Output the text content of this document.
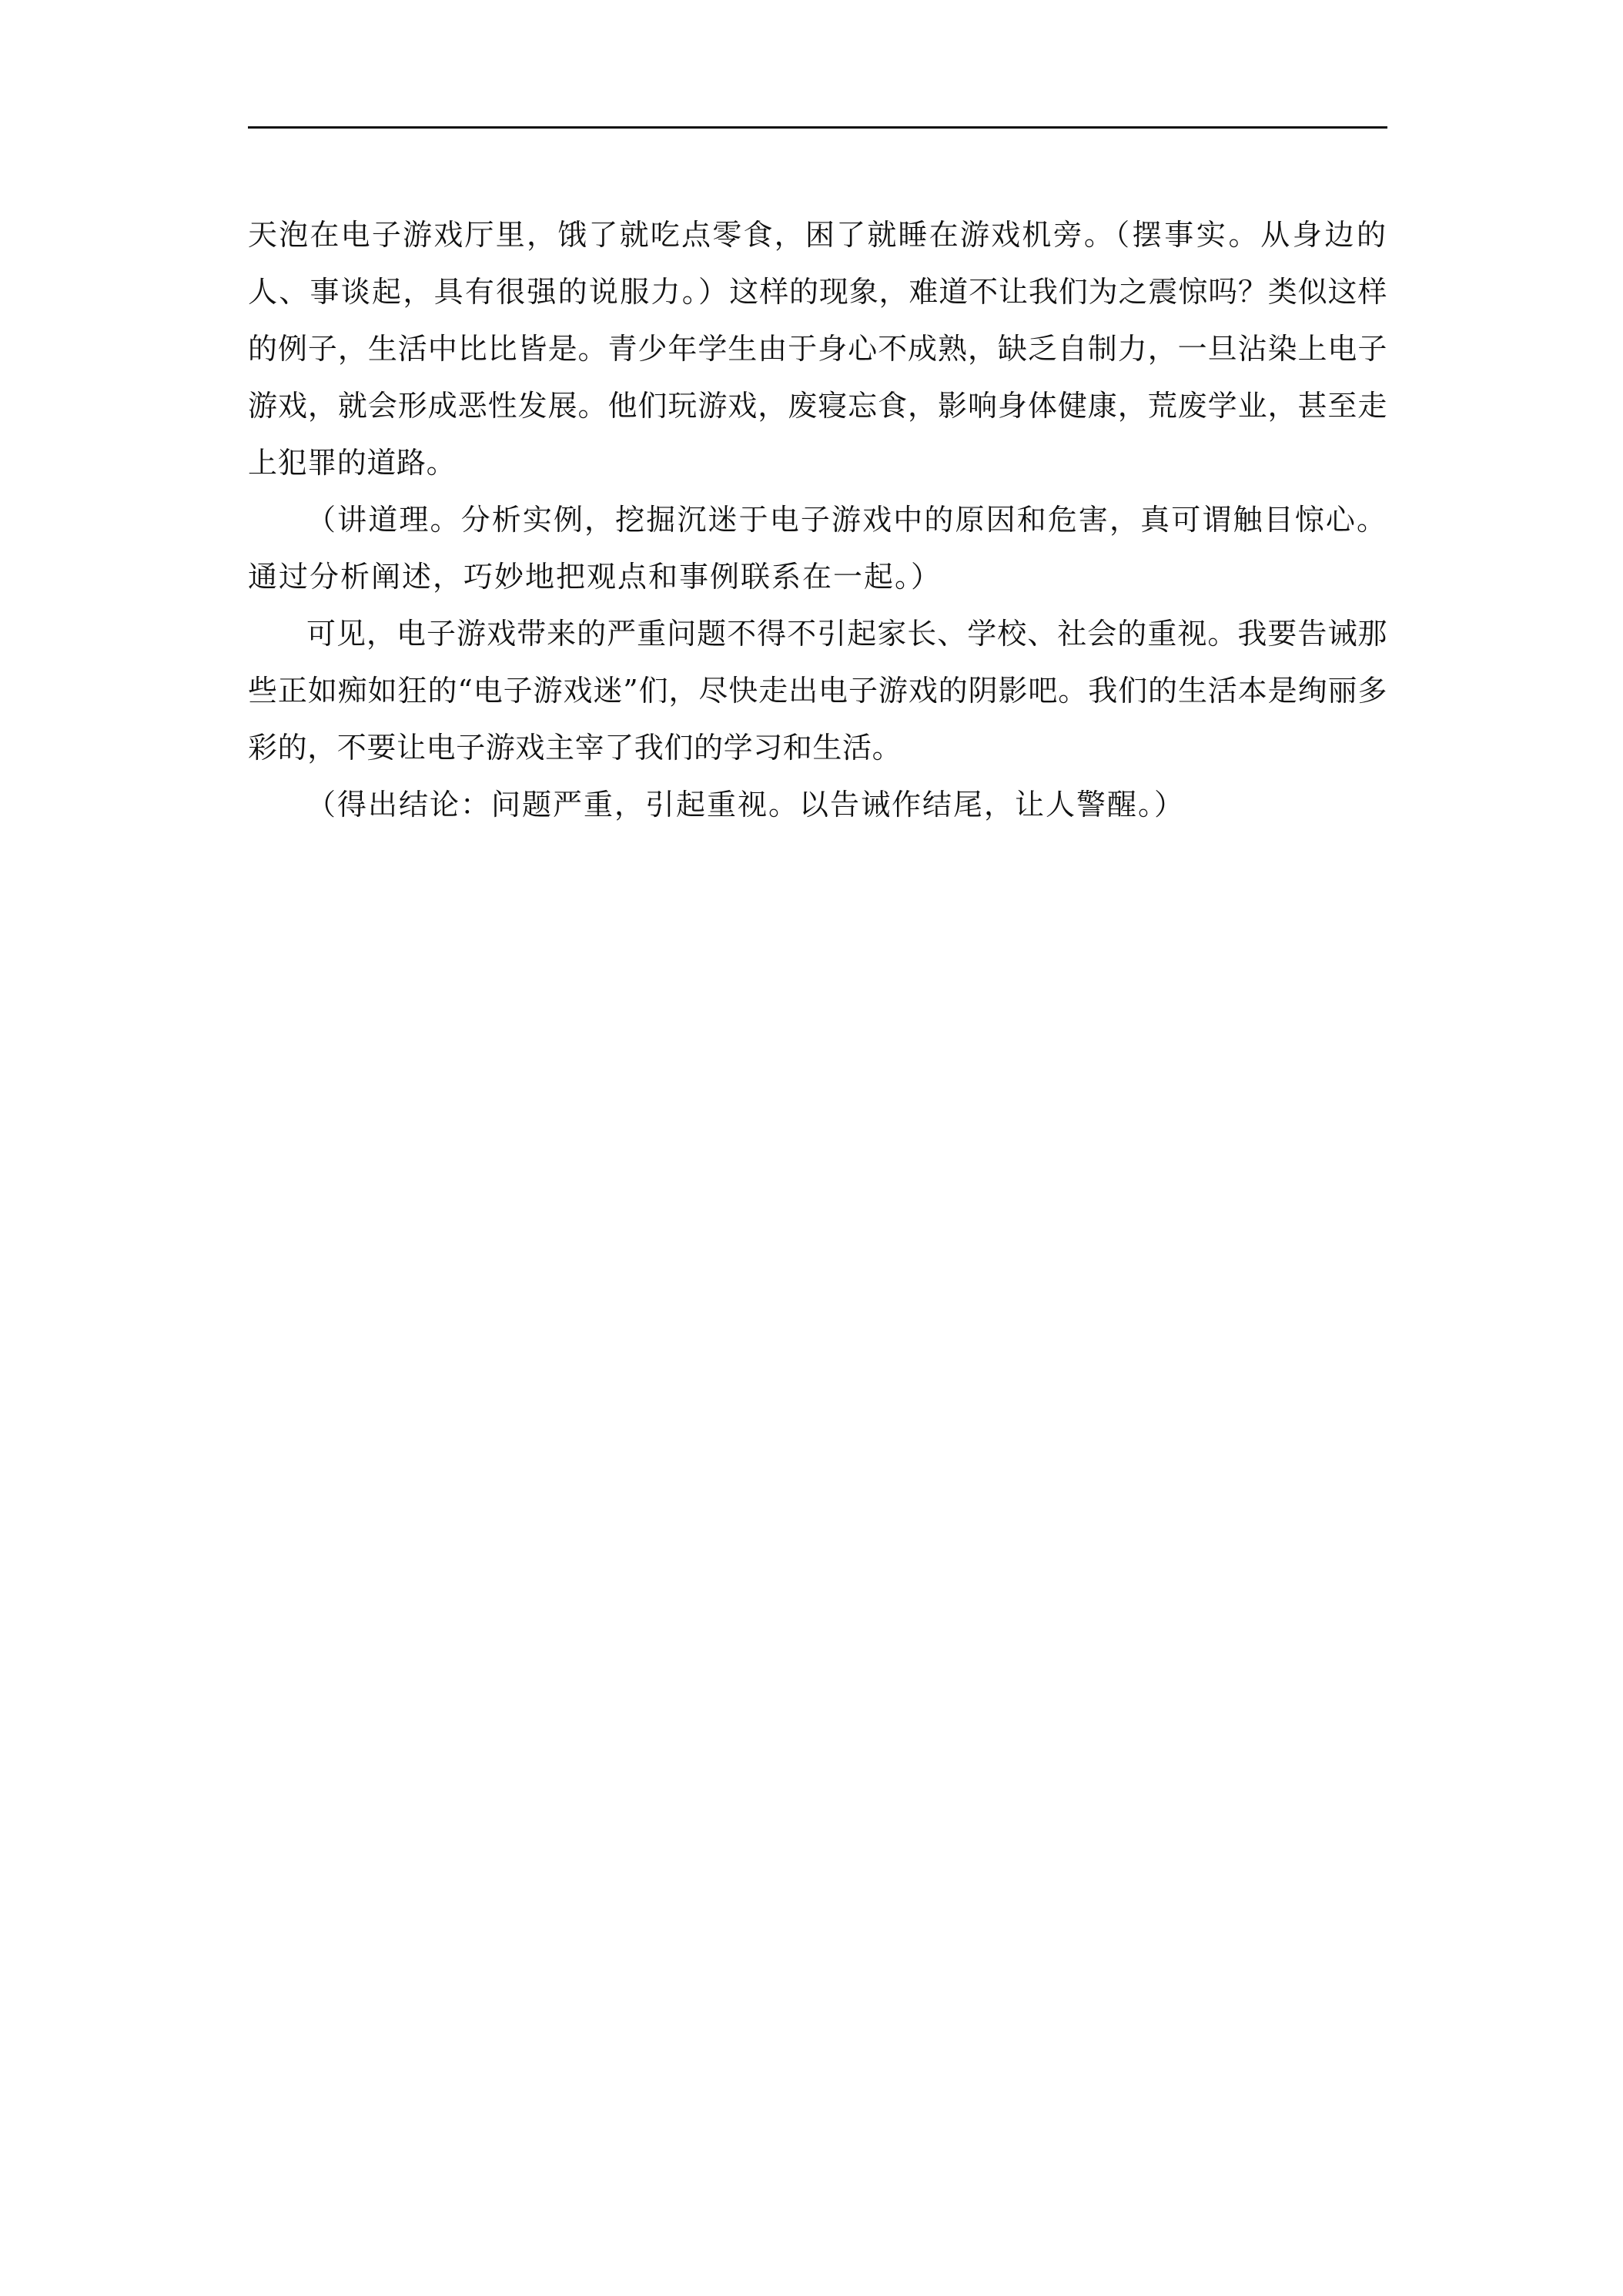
天泡在电子游戏厅里，饿了就吃点零食，困了就睡在游戏机旁。（摆事实。从身边的人、事谈起，具有很强的说服力。）这样的现象，难道不让我们为之震惊吗？类似这样的例子，生活中比比皆是。青少年学生由于身心不成熟，缺乏自制力，一旦沾染上电子游戏，就会形成恶性发展。他们玩游戏，废寝忘食，影响身体健康，荒废学业，甚至走上犯罪的道路。

（讲道理。分析实例，挖掘沉迷于电子游戏中的原因和危害，真可谓触目惊心。通过分析阐述，巧妙地把观点和事例联系在一起。）

可见，电子游戏带来的严重问题不得不引起家长、学校、社会的重视。我要告诫那些正如痴如狂的“电子游戏迷”们，尽快走出电子游戏的阴影吧。我们的生活本是绚丽多彩的，不要让电子游戏主宰了我们的学习和生活。

（得出结论：问题严重，引起重视。以告诫作结尾，让人警醒。）
